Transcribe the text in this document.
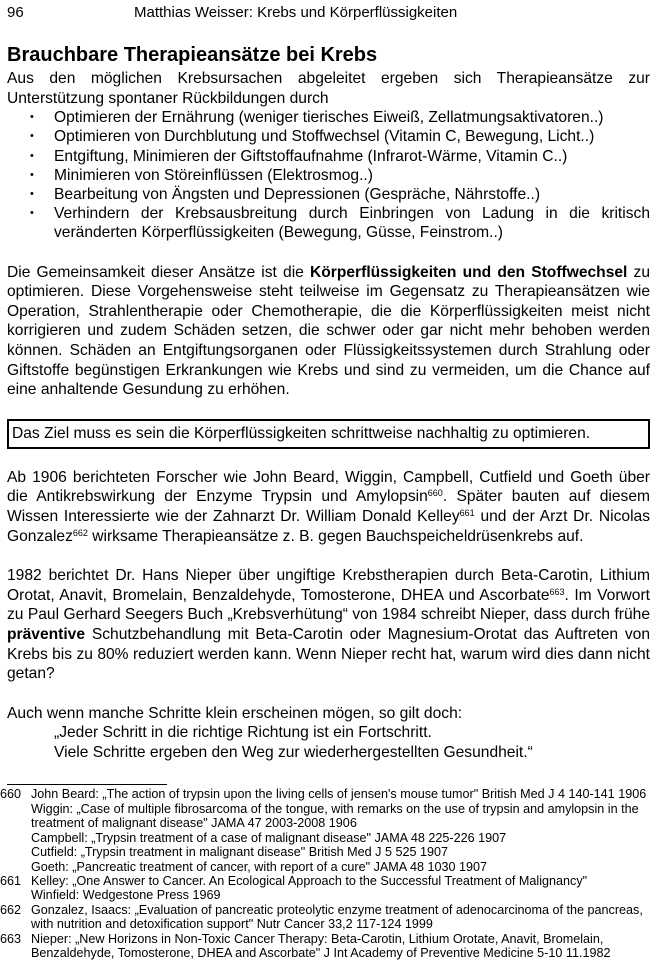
96	Matthias Weisser: Krebs und Körperflüssigkeiten
Brauchbare Therapieansätze bei Krebs

Aus den möglichen Krebsursachen abgeleitet ergeben sich Therapieansätze zur Unterstützung spontaner Rückbildungen durch

• Optimieren der Ernährung (weniger tierisches Eiweiß, Zellatmungsaktivatoren..)
• Optimieren von Durchblutung und Stoffwechsel (Vitamin C, Bewegung, Licht..)
• Entgiftung, Minimieren der Giftstoffaufnahme (Infrarot-Wärme, Vitamin C..)
• Minimieren von Störeinflüssen (Elektrosmog..)
• Bearbeitung von Ängsten und Depressionen (Gespräche, Nährstoffe..)
• Verhindern der Krebsausbreitung durch Einbringen von Ladung in die kritisch veränderten Körperflüssigkeiten (Bewegung, Güsse, Feinstrom..)

Die Gemeinsamkeit dieser Ansätze ist die Körperflüssigkeiten und den Stoffwechsel zu optimieren. Diese Vorgehensweise steht teilweise im Gegensatz zu Therapieansätzen wie Operation, Strahlentherapie oder Chemotherapie, die die Körperflüssigkeiten meist nicht korrigieren und zudem Schäden setzen, die schwer oder gar nicht mehr behoben werden können. Schäden an Entgiftungsorganen oder Flüssigkeitssystemen durch Strahlung oder Giftstoffe begünstigen Erkrankungen wie Krebs und sind zu vermeiden, um die Chance auf eine anhaltende Gesundung zu erhöhen.

Das Ziel muss es sein die Körperflüssigkeiten schrittweise nachhaltig zu optimieren.

Ab 1906 berichteten Forscher wie John Beard, Wiggin, Campbell, Cutfield und Goeth über die Antikrebswirkung der Enzyme Trypsin und Amylopsin$^{660}$. Später bauten auf diesem Wissen Interessierte wie der Zahnarzt Dr. William Donald Kelley$^{661}$ und der Arzt Dr. Nicolas Gonzalez$^{662}$ wirksame Therapieansätze z. B. gegen Bauchspeicheldrüsenkrebs auf.

1982 berichtet Dr. Hans Nieper über ungiftige Krebstherapien durch Beta-Carotin, Lithium Orotat, Anavit, Bromelain, Benzaldehyde, Tomosterone, DHEA und Ascorbate$^{663}$. Im Vorwort zu Paul Gerhard Seegers Buch „Krebsverhütung“ von 1984 schreibt Nieper, dass durch frühe präventive Schutzbehandlung mit Beta-Carotin oder Magnesium-Orotat das Auftreten von Krebs bis zu 80% reduziert werden kann. Wenn Nieper recht hat, warum wird dies dann nicht getan?

Auch wenn manche Schritte klein erscheinen mögen, so gilt doch:

„Jeder Schritt in die richtige Richtung ist ein Fortschritt.
Viele Schritte ergeben den Weg zur wiederhergestellten Gesundheit.“
660 John Beard: „The action of trypsin upon the living cells of jensen's mouse tumor" British Med J 4 140-141 1906
Wiggin: „Case of multiple fibrosarcoma of the tongue, with remarks on the use of trypsin and amylopsin in the treatment of malignant disease" JAMA 47 2003-2008 1906
Campbell: „Trypsin treatment of a case of malignant disease" JAMA 48 225-226 1907
Cutfield: „Trypsin treatment in malignant disease" British Med J 5 525 1907
Goeth: „Pancreatic treatment of cancer, with report of a cure" JAMA 48 1030 1907
661 Kelley: „One Answer to Cancer. An Ecological Approach to the Successful Treatment of Malignancy"
Winfield: Wedgestone Press 1969
662 Gonzalez, Isaacs: „Evaluation of pancreatic proteolytic enzyme treatment of adenocarcinoma of the pancreas, with nutrition and detoxification support" Nutr Cancer 33,2 117-124 1999
663 Nieper: „New Horizons in Non-Toxic Cancer Therapy: Beta-Carotin, Lithium Orotate, Anavit, Bromelain, Benzaldehyde, Tomosterone, DHEA and Ascorbate" J Int Academy of Preventive Medicine 5-10 11.1982
